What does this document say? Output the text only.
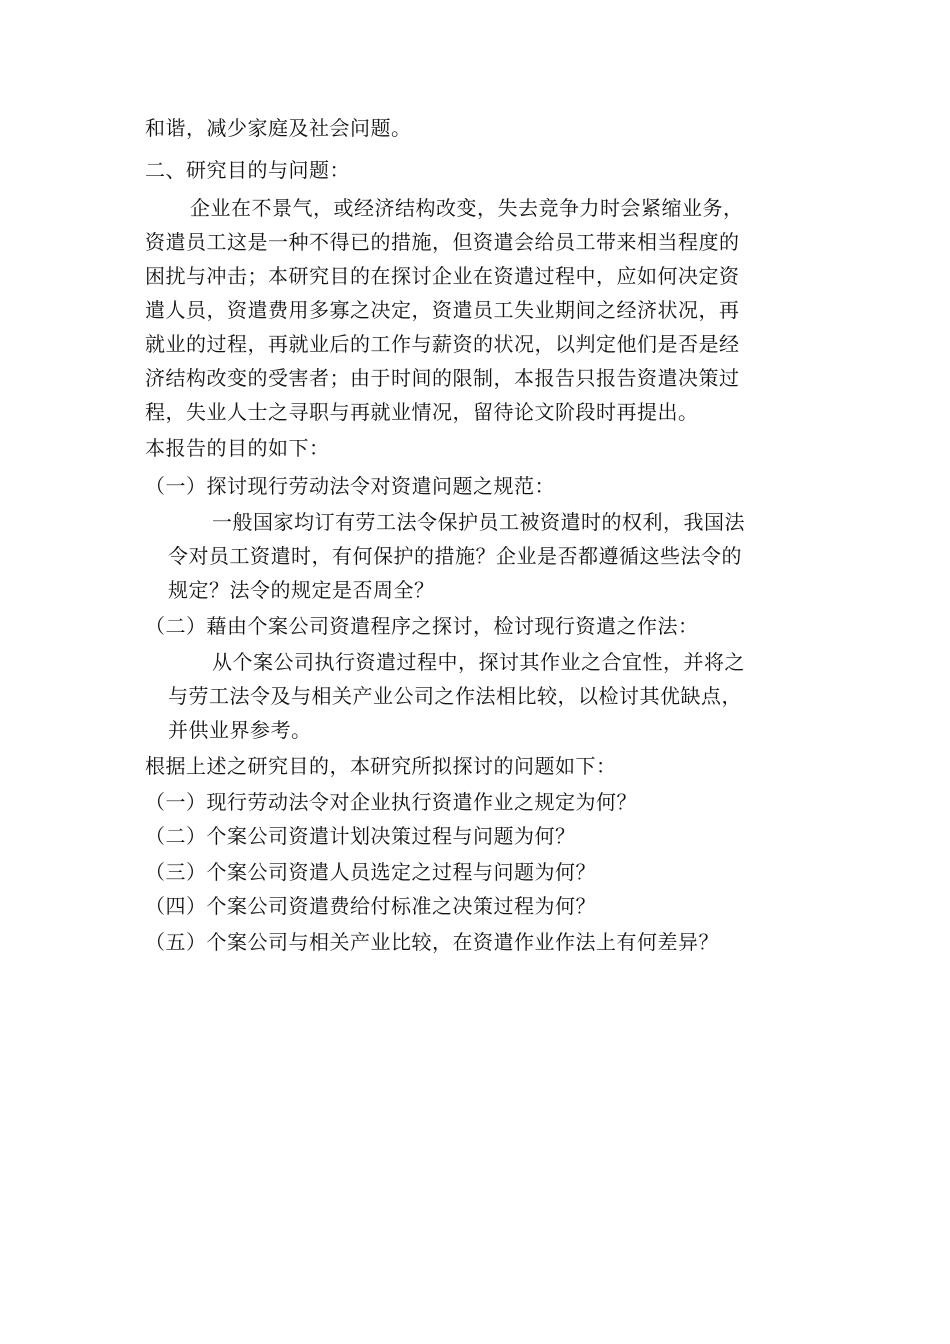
和谐，减少家庭及社会问题。
二、研究目的与问题：
企业在不景气，或经济结构改变，失去竞争力时会紧缩业务，
资遣员工这是一种不得已的措施，但资遣会给员工带来相当程度的
困扰与冲击；本研究目的在探讨企业在资遣过程中，应如何决定资
遣人员，资遣费用多寡之决定，资遣员工失业期间之经济状况，再
就业的过程，再就业后的工作与薪资的状况，以判定他们是否是经
济结构改变的受害者；由于时间的限制，本报告只报告资遣决策过
程，失业人士之寻职与再就业情况，留待论文阶段时再提出。
本报告的目的如下：
（一）探讨现行劳动法令对资遣问题之规范：
一般国家均订有劳工法令保护员工被资遣时的权利，我国法
令对员工资遣时，有何保护的措施？企业是否都遵循这些法令的
规定？法令的规定是否周全？
（二）藉由个案公司资遣程序之探讨，检讨现行资遣之作法：
从个案公司执行资遣过程中，探讨其作业之合宜性，并将之
与劳工法令及与相关产业公司之作法相比较，以检讨其优缺点，
并供业界参考。
根据上述之研究目的，本研究所拟探讨的问题如下：
（一）现行劳动法令对企业执行资遣作业之规定为何？
（二）个案公司资遣计划决策过程与问题为何？
（三）个案公司资遣人员选定之过程与问题为何？
（四）个案公司资遣费给付标准之决策过程为何？
（五）个案公司与相关产业比较，在资遣作业作法上有何差异？
